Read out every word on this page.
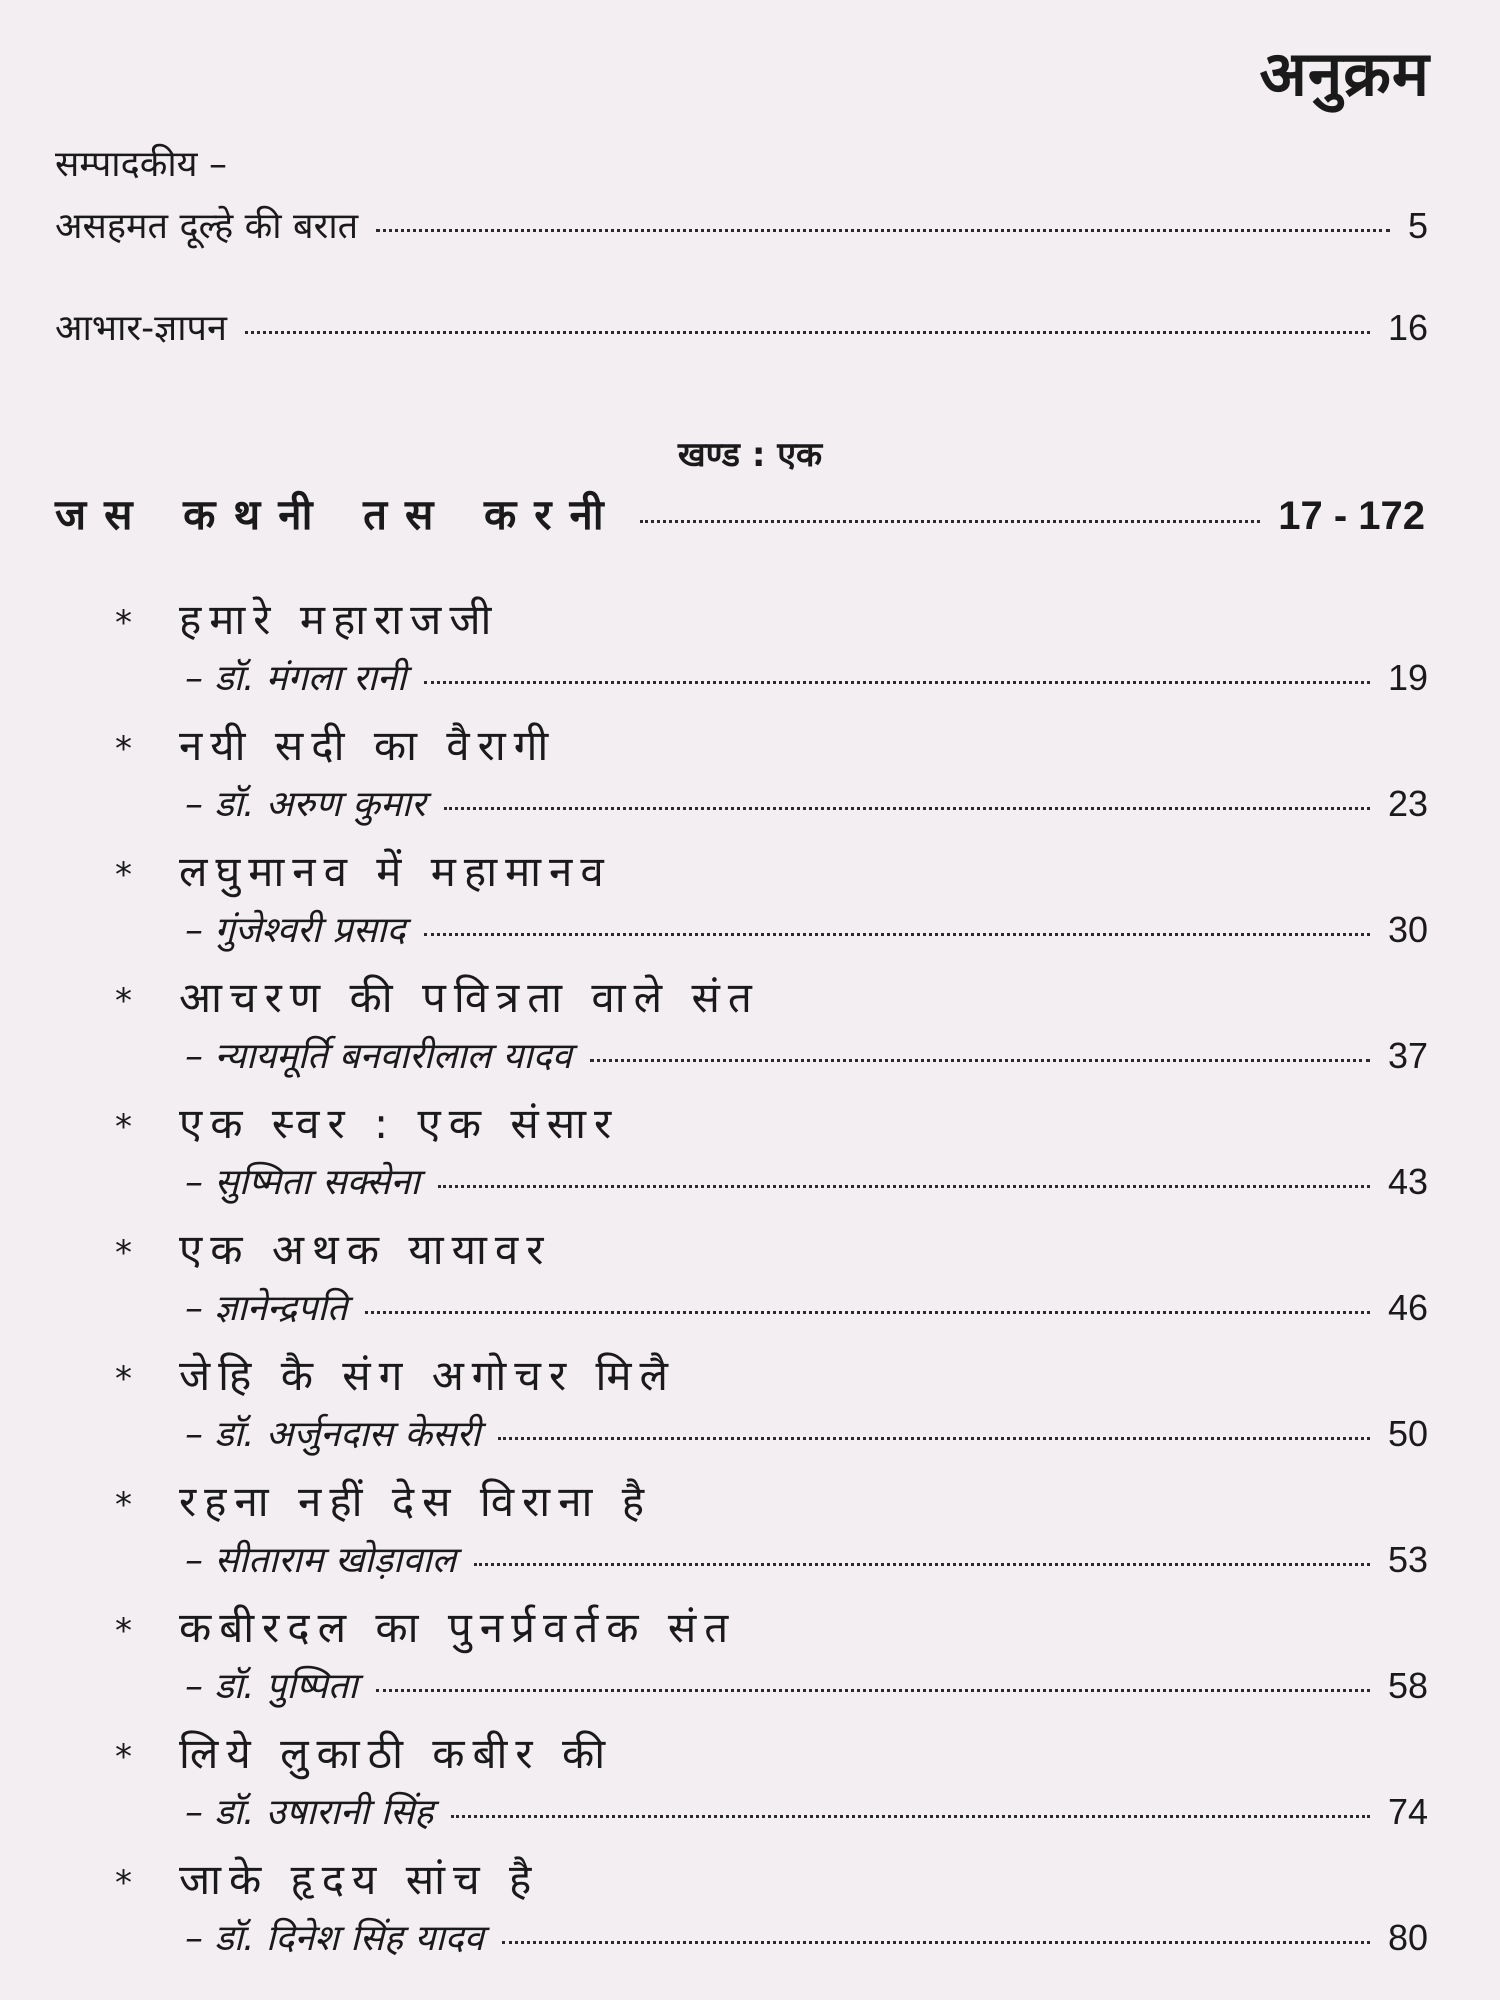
अनुक्रम
सम्पादकीय –
असहमत दूल्हे की बरात	5
आभार-ज्ञापन	16
खण्ड : एक
जस कथनी तस करनी	17 - 172
* हमारे महाराजजी
– डॉ. मंगला रानी	19
* नयी सदी का वैरागी
– डॉ. अरुण कुमार	23
* लघुमानव में महामानव
– गुंजेश्वरी प्रसाद	30
* आचरण की पवित्रता वाले संत
– न्यायमूर्ति बनवारीलाल यादव	37
* एक स्वर : एक संसार
– सुष्मिता सक्सेना	43
* एक अथक यायावर
– ज्ञानेन्द्रपति	46
* जेहि कै संग अगोचर मिलै
– डॉ. अर्जुनदास केसरी	50
* रहना नहीं देस विराना है
– सीताराम खोड़ावाल	53
* कबीरदल का पुनर्प्रवर्तक संत
– डॉ. पुष्पिता	58
* लिये लुकाठी कबीर की
– डॉ. उषारानी सिंह	74
* जाके हृदय सांच है
– डॉ. दिनेश सिंह यादव	80
